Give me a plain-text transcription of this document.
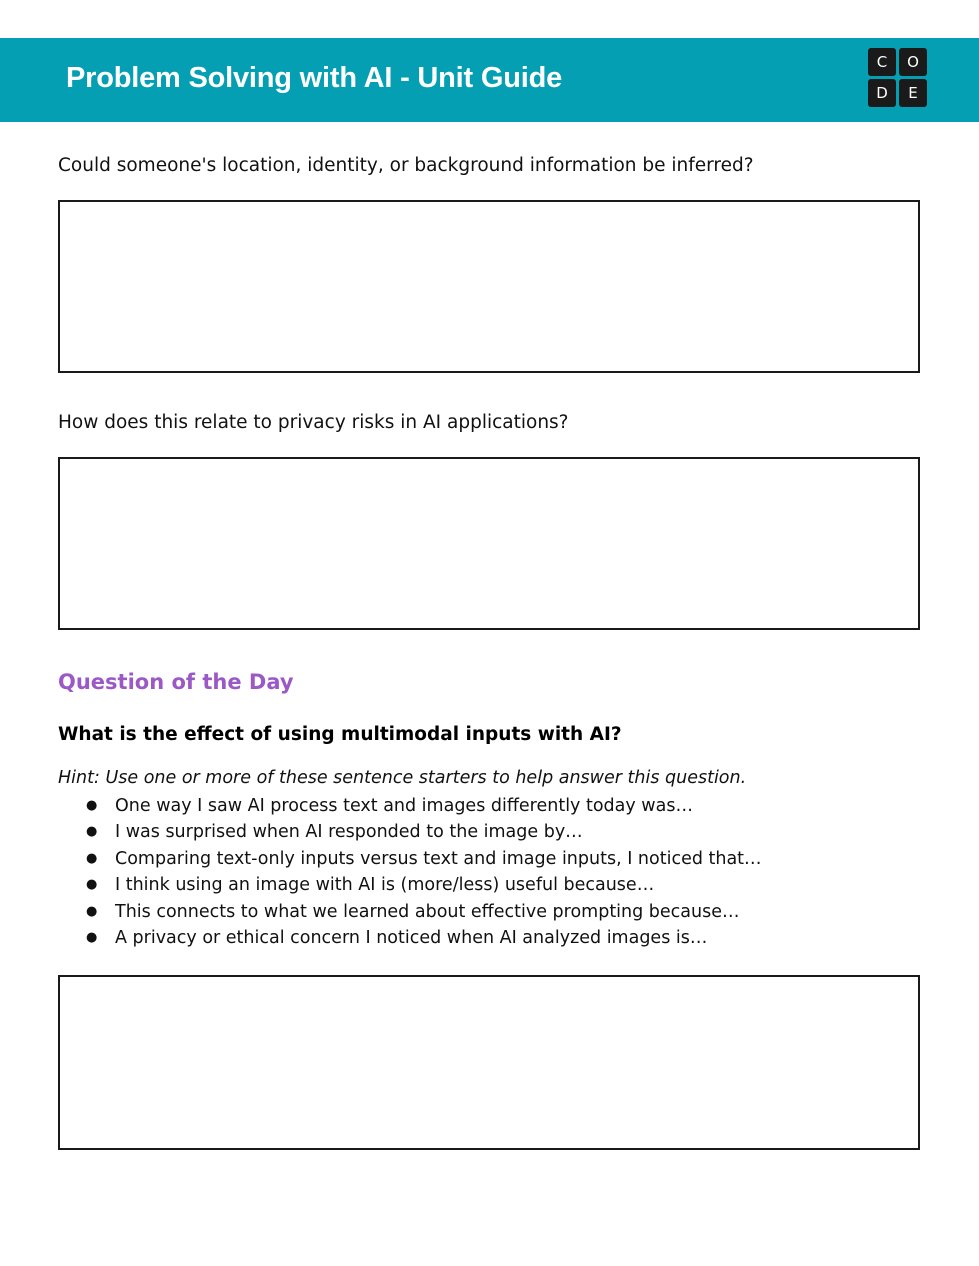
Problem Solving with AI - Unit Guide
C	O
D	E
Could someone's location, identity, or background information be inferred?
How does this relate to privacy risks in AI applications?
Question of the Day
What is the effect of using multimodal inputs with AI?
Hint: Use one or more of these sentence starters to help answer this question.
● One way I saw AI process text and images differently today was…
● I was surprised when AI responded to the image by…
● Comparing text-only inputs versus text and image inputs, I noticed that…
● I think using an image with AI is (more/less) useful because…
● This connects to what we learned about effective prompting because…
● A privacy or ethical concern I noticed when AI analyzed images is…
